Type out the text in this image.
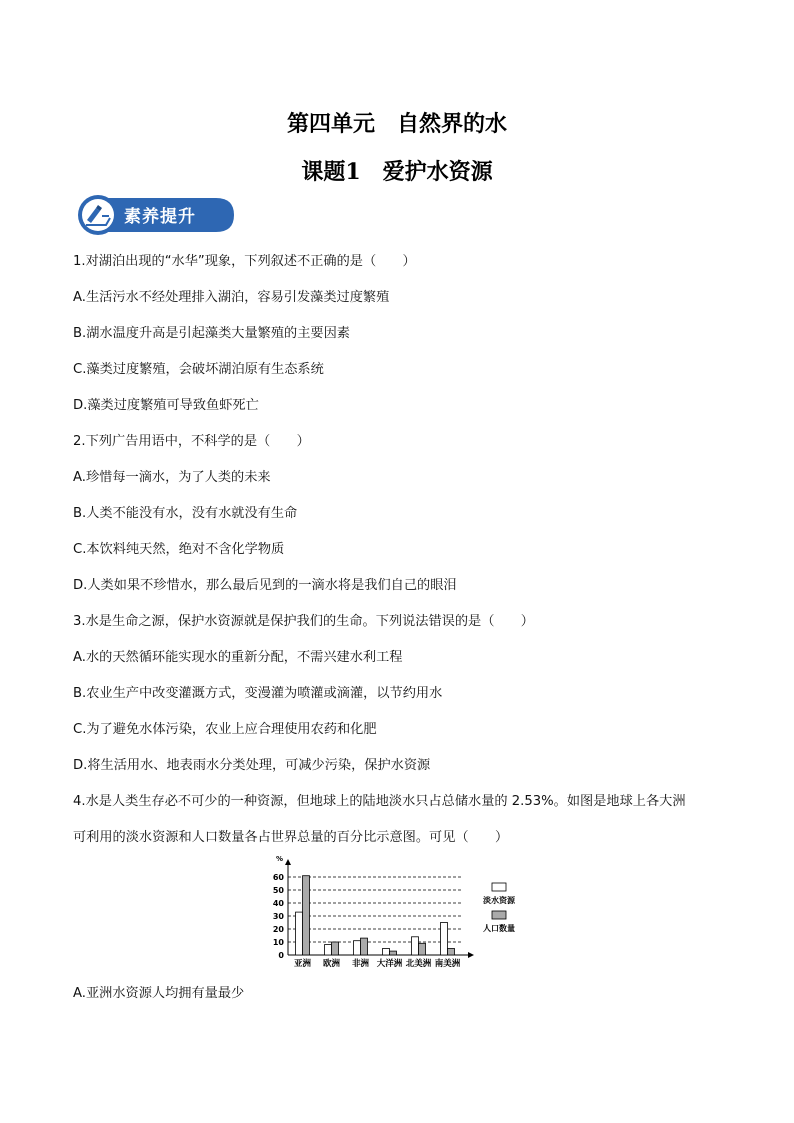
第四单元　自然界的水
课题1　爱护水资源
素养提升
1.对湖泊出现的“水华”现象，下列叙述不正确的是（　　）
A.生活污水不经处理排入湖泊，容易引发藻类过度繁殖
B.湖水温度升高是引起藻类大量繁殖的主要因素
C.藻类过度繁殖，会破坏湖泊原有生态系统
D.藻类过度繁殖可导致鱼虾死亡
2.下列广告用语中，不科学的是（　　）
A.珍惜每一滴水，为了人类的未来
B.人类不能没有水，没有水就没有生命
C.本饮料纯天然，绝对不含化学物质
D.人类如果不珍惜水，那么最后见到的一滴水将是我们自己的眼泪
3.水是生命之源，保护水资源就是保护我们的生命。下列说法错误的是（　　）
A.水的天然循环能实现水的重新分配，不需兴建水利工程
B.农业生产中改变灌溉方式，变漫灌为喷灌或滴灌，以节约用水
C.为了避免水体污染，农业上应合理使用农药和化肥
D.将生活用水、地表雨水分类处理，可减少污染，保护水资源
4.水是人类生存必不可少的一种资源，但地球上的陆地淡水只占总储水量的 2.53%。如图是地球上各大洲
可利用的淡水资源和人口数量各占世界总量的百分比示意图。可见（　　）
%
0
10
20
30
40
50
60
亚洲 欧洲 非洲 大洋洲 北美洲 南美洲
淡水资源
人口数量
A.亚洲水资源人均拥有量最少
